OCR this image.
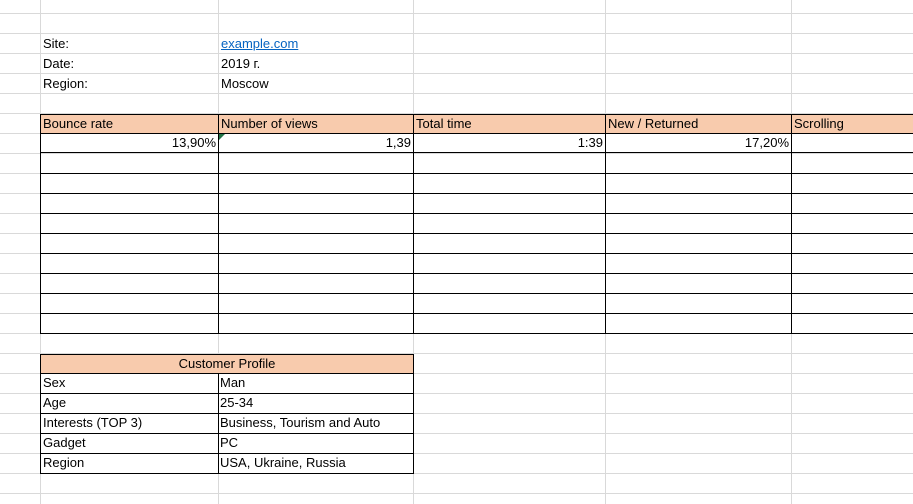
Site:	example.com
Date:	2019 г.
Region:	Moscow
Bounce rate	Number of views	Total time	New / Returned	Scrolling
13,90%	1,39	1:39	17,20%
Customer Profile
Sex	Man
Age	25-34
Interests (TOP 3)	Business, Tourism and Auto
Gadget	PC
Region	USA, Ukraine, Russia
